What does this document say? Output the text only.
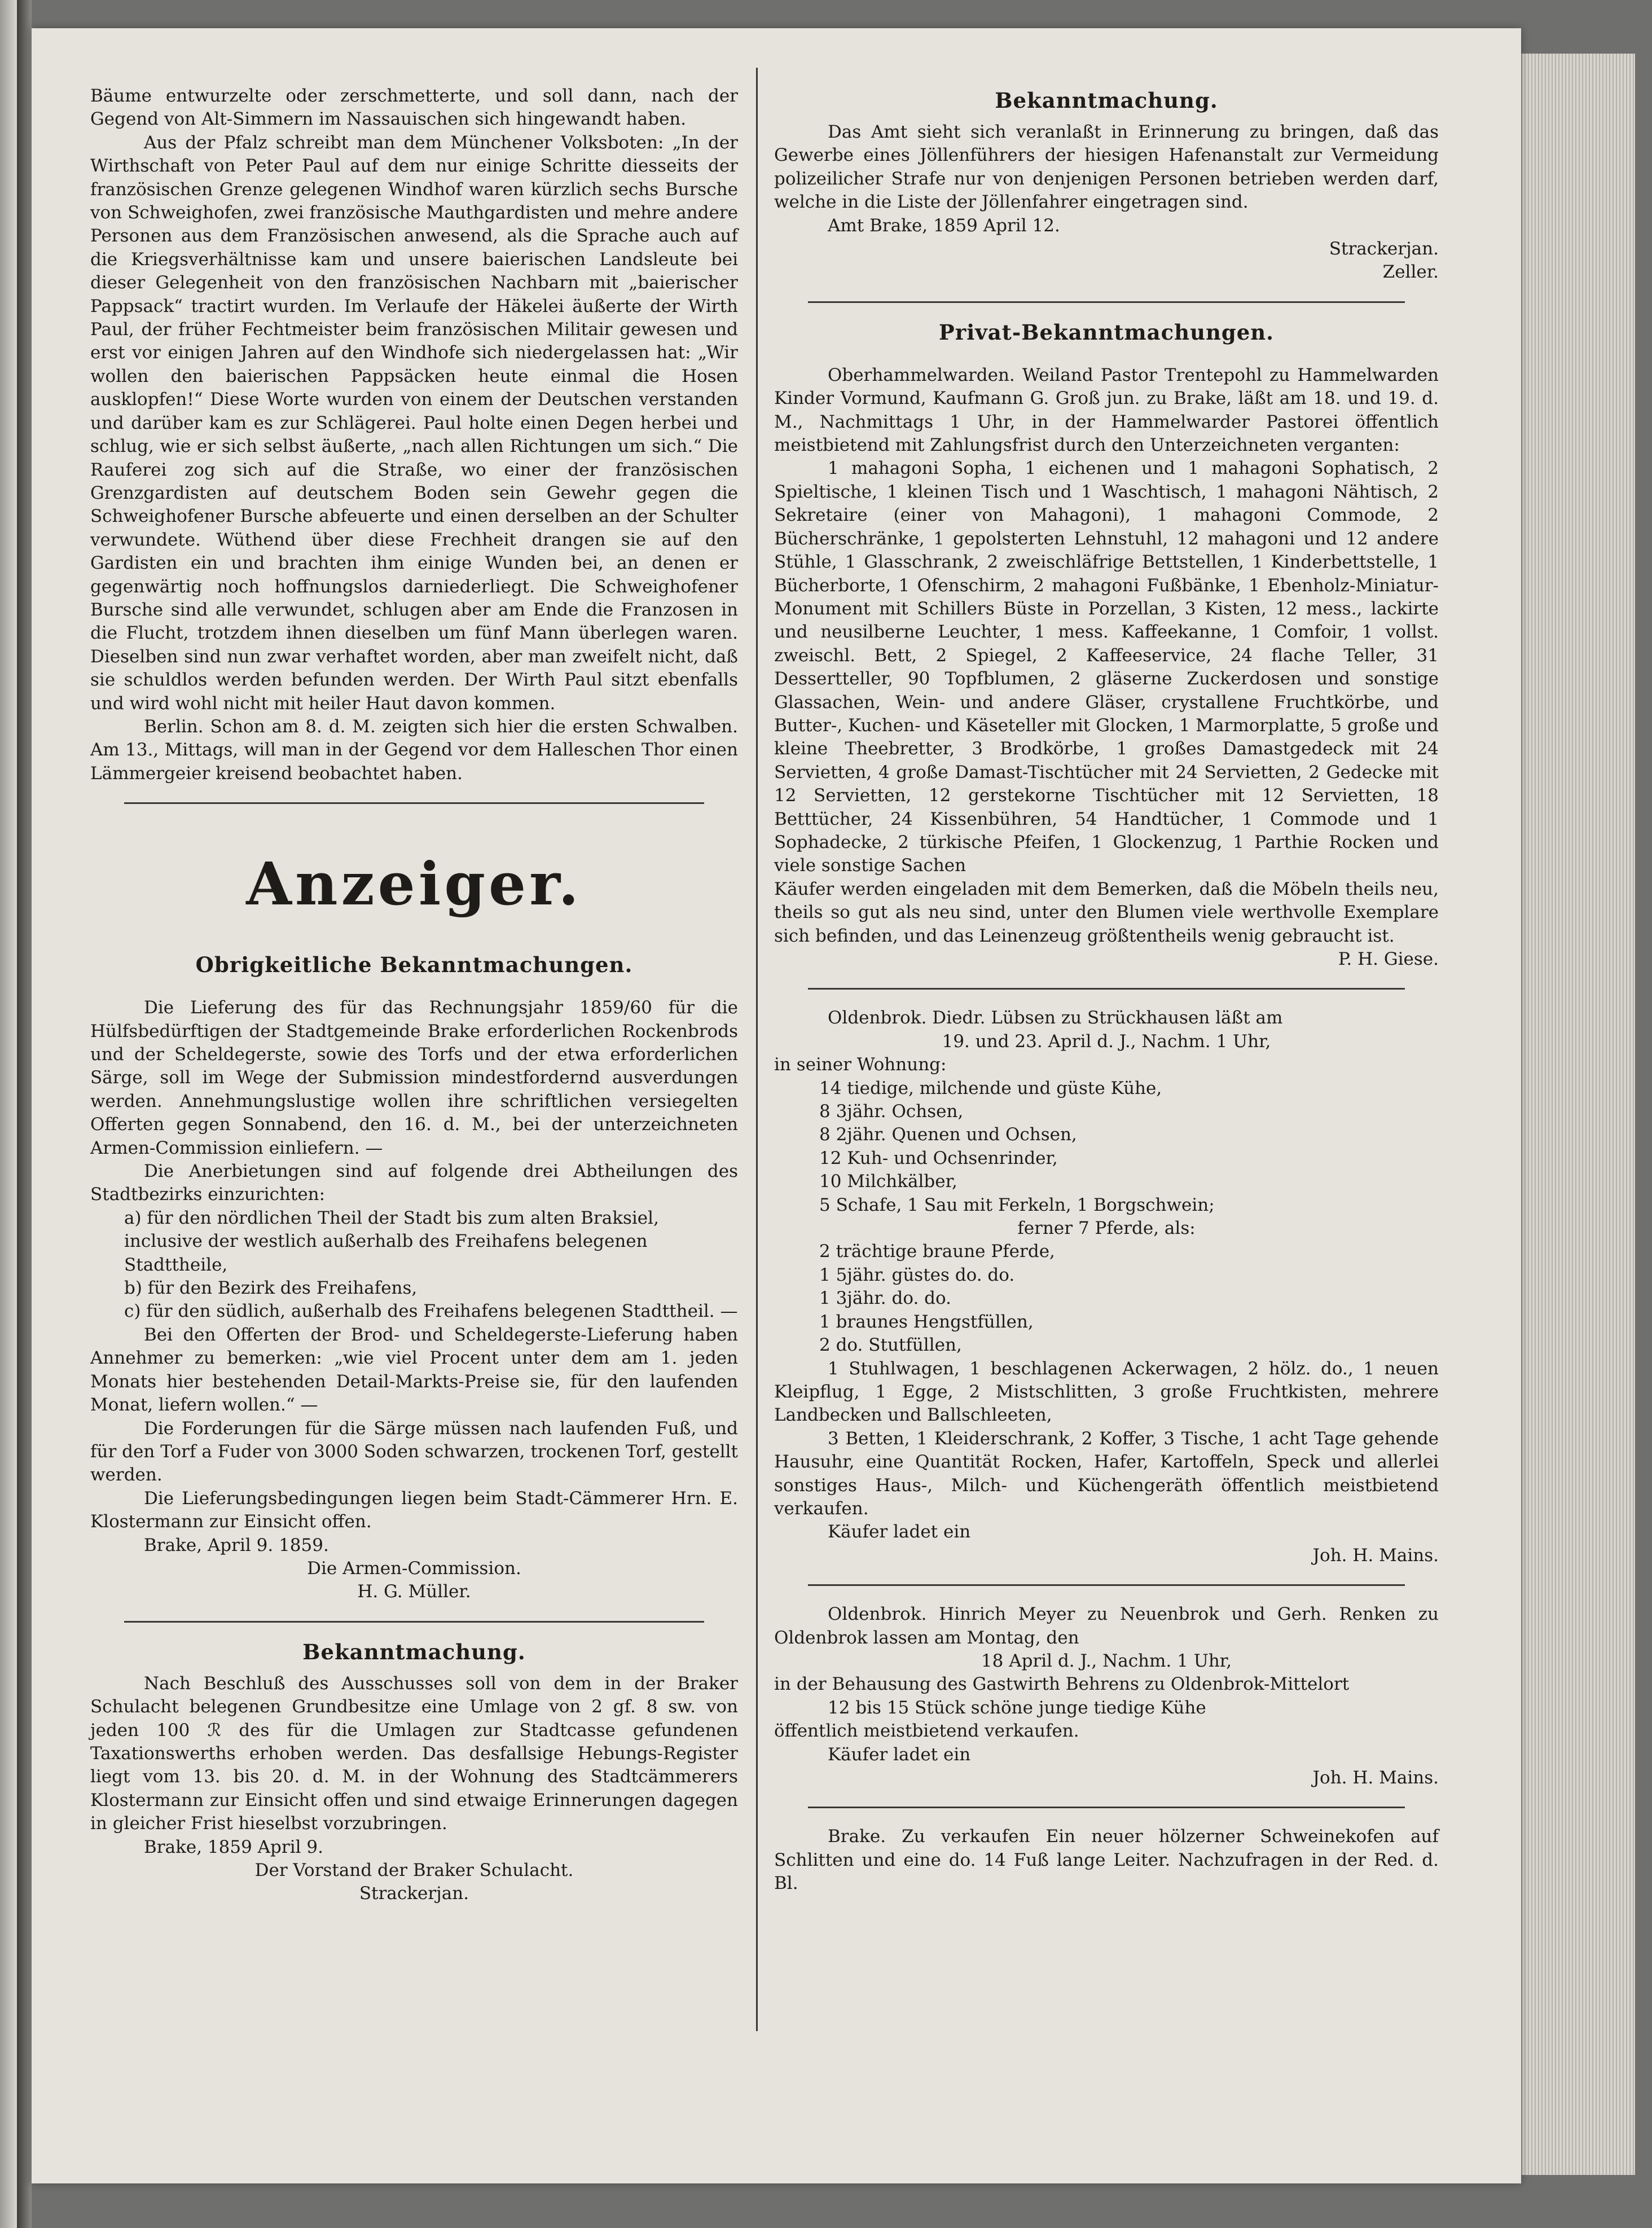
Bäume entwurzelte oder zerschmetterte, und soll dann, nach der Gegend von Alt-Simmern im Nassauischen sich hingewandt haben.

Aus der Pfalz schreibt man dem Münchener Volksboten: „In der Wirthschaft von Peter Paul auf dem nur einige Schritte diesseits der französischen Grenze gelegenen Windhof waren kürzlich sechs Bursche von Schweighofen, zwei französische Mauthgardisten und mehre andere Personen aus dem Französischen anwesend, als die Sprache auch auf die Kriegsverhältnisse kam und unsere baierischen Landsleute bei dieser Gelegenheit von den französischen Nachbarn mit „baierischer Pappsack“ tractirt wurden. Im Verlaufe der Häkelei äußerte der Wirth Paul, der früher Fechtmeister beim französischen Militair gewesen und erst vor einigen Jahren auf den Windhofe sich niedergelassen hat: „Wir wollen den baierischen Pappsäcken heute einmal die Hosen ausklopfen!“ Diese Worte wurden von einem der Deutschen verstanden und darüber kam es zur Schlägerei. Paul holte einen Degen herbei und schlug, wie er sich selbst äußerte, „nach allen Richtungen um sich.“ Die Rauferei zog sich auf die Straße, wo einer der französischen Grenzgardisten auf deutschem Boden sein Gewehr gegen die Schweighofener Bursche abfeuerte und einen derselben an der Schulter verwundete. Wüthend über diese Frechheit drangen sie auf den Gardisten ein und brachten ihm einige Wunden bei, an denen er gegenwärtig noch hoffnungslos darniederliegt. Die Schweighofener Bursche sind alle verwundet, schlugen aber am Ende die Franzosen in die Flucht, trotzdem ihnen dieselben um fünf Mann überlegen waren. Dieselben sind nun zwar verhaftet worden, aber man zweifelt nicht, daß sie schuldlos werden befunden werden. Der Wirth Paul sitzt ebenfalls und wird wohl nicht mit heiler Haut davon kommen.

Berlin. Schon am 8. d. M. zeigten sich hier die ersten Schwalben. Am 13., Mittags, will man in der Gegend vor dem Halleschen Thor einen Lämmergeier kreisend beobachtet haben.

Anzeiger.
Obrigkeitliche Bekanntmachungen.

Die Lieferung des für das Rechnungsjahr 1859/60 für die Hülfsbedürftigen der Stadtgemeinde Brake erforderlichen Rockenbrods und der Scheldegerste, sowie des Torfs und der etwa erforderlichen Särge, soll im Wege der Submission mindestfordernd ausverdungen werden. Annehmungslustige wollen ihre schriftlichen versiegelten Offerten gegen Sonnabend, den 16. d. M., bei der unterzeichneten Armen-Commission einliefern. —

Die Anerbietungen sind auf folgende drei Abtheilungen des Stadtbezirks einzurichten:

a) für den nördlichen Theil der Stadt bis zum alten Braksiel, inclusive der westlich außerhalb des Freihafens belegenen Stadttheile,
b) für den Bezirk des Freihafens,
c) für den südlich, außerhalb des Freihafens belegenen Stadttheil. —

Bei den Offerten der Brod- und Scheldegerste-Lieferung haben Annehmer zu bemerken: „wie viel Procent unter dem am 1. jeden Monats hier bestehenden Detail-Markts-Preise sie, für den laufenden Monat, liefern wollen.“ —

Die Forderungen für die Särge müssen nach laufenden Fuß, und für den Torf a Fuder von 3000 Soden schwarzen, trockenen Torf, gestellt werden.

Die Lieferungsbedingungen liegen beim Stadt-Cämmerer Hrn. E. Klostermann zur Einsicht offen.

Brake, April 9. 1859.

Die Armen-Commission.

H. G. Müller.

Bekanntmachung.

Nach Beschluß des Ausschusses soll von dem in der Braker Schulacht belegenen Grundbesitze eine Umlage von 2 gf. 8 sw. von jeden 100 ℛ des für die Umlagen zur Stadtcasse gefundenen Taxationswerths erhoben werden. Das desfallsige Hebungs-Register liegt vom 13. bis 20. d. M. in der Wohnung des Stadtcämmerers Klostermann zur Einsicht offen und sind etwaige Erinnerungen dagegen in gleicher Frist hieselbst vorzubringen.

Brake, 1859 April 9.

Der Vorstand der Braker Schulacht.

Strackerjan.

Bekanntmachung.

Das Amt sieht sich veranlaßt in Erinnerung zu bringen, daß das Gewerbe eines Jöllenführers der hiesigen Hafenanstalt zur Vermeidung polizeilicher Strafe nur von denjenigen Personen betrieben werden darf, welche in die Liste der Jöllenfahrer eingetragen sind.

Amt Brake, 1859 April 12.

Strackerjan.

Zeller.

Privat-Bekanntmachungen.

Oberhammelwarden. Weiland Pastor Trentepohl zu Hammelwarden Kinder Vormund, Kaufmann G. Groß jun. zu Brake, läßt am 18. und 19. d. M., Nachmittags 1 Uhr, in der Hammelwarder Pastorei öffentlich meistbietend mit Zahlungsfrist durch den Unterzeichneten verganten:

1 mahagoni Sopha, 1 eichenen und 1 mahagoni Sophatisch, 2 Spieltische, 1 kleinen Tisch und 1 Waschtisch, 1 mahagoni Nähtisch, 2 Sekretaire (einer von Mahagoni), 1 mahagoni Commode, 2 Bücherschränke, 1 gepolsterten Lehnstuhl, 12 mahagoni und 12 andere Stühle, 1 Glasschrank, 2 zweischläfrige Bettstellen, 1 Kinderbettstelle, 1 Bücherborte, 1 Ofenschirm, 2 mahagoni Fußbänke, 1 Ebenholz-Miniatur-Monument mit Schillers Büste in Porzellan, 3 Kisten, 12 mess., lackirte und neusilberne Leuchter, 1 mess. Kaffeekanne, 1 Comfoir, 1 vollst. zweischl. Bett, 2 Spiegel, 2 Kaffeeservice, 24 flache Teller, 31 Dessertteller, 90 Topfblumen, 2 gläserne Zuckerdosen und sonstige Glassachen, Wein- und andere Gläser, crystallene Fruchtkörbe, und Butter-, Kuchen- und Käseteller mit Glocken, 1 Marmorplatte, 5 große und kleine Theebretter, 3 Brodkörbe, 1 großes Damastgedeck mit 24 Servietten, 4 große Damast-Tischtücher mit 24 Servietten, 2 Gedecke mit 12 Servietten, 12 gerstekorne Tischtücher mit 12 Servietten, 18 Betttücher, 24 Kissenbühren, 54 Handtücher, 1 Commode und 1 Sophadecke, 2 türkische Pfeifen, 1 Glockenzug, 1 Parthie Rocken und viele sonstige Sachen

Käufer werden eingeladen mit dem Bemerken, daß die Möbeln theils neu, theils so gut als neu sind, unter den Blumen viele werthvolle Exemplare sich befinden, und das Leinenzeug größtentheils wenig gebraucht ist.

P. H. Giese.

Oldenbrok. Diedr. Lübsen zu Strückhausen läßt am

19. und 23. April d. J., Nachm. 1 Uhr,

in seiner Wohnung:

14 tiedige, milchende und güste Kühe,
8 3jähr. Ochsen,
8 2jähr. Quenen und Ochsen,
12 Kuh- und Ochsenrinder,
10 Milchkälber,
5 Schafe, 1 Sau mit Ferkeln, 1 Borgschwein;

ferner 7 Pferde, als:

2 trächtige braune Pferde,
1 5jähr. güstes do. do.
1 3jähr. do. do.
1 braunes Hengstfüllen,
2 do. Stutfüllen,

1 Stuhlwagen, 1 beschlagenen Ackerwagen, 2 hölz. do., 1 neuen Kleipflug, 1 Egge, 2 Mistschlitten, 3 große Fruchtkisten, mehrere Landbecken und Ballschleeten,

3 Betten, 1 Kleiderschrank, 2 Koffer, 3 Tische, 1 acht Tage gehende Hausuhr, eine Quantität Rocken, Hafer, Kartoffeln, Speck und allerlei sonstiges Haus-, Milch- und Küchengeräth öffentlich meistbietend verkaufen.

Käufer ladet ein

Joh. H. Mains.

Oldenbrok. Hinrich Meyer zu Neuenbrok und Gerh. Renken zu Oldenbrok lassen am Montag, den

18 April d. J., Nachm. 1 Uhr,

in der Behausung des Gastwirth Behrens zu Oldenbrok-Mittelort

12 bis 15 Stück schöne junge tiedige Kühe

öffentlich meistbietend verkaufen.

Käufer ladet ein

Joh. H. Mains.

Brake. Zu verkaufen Ein neuer hölzerner Schweinekofen auf Schlitten und eine do. 14 Fuß lange Leiter. Nachzufragen in der Red. d. Bl.
